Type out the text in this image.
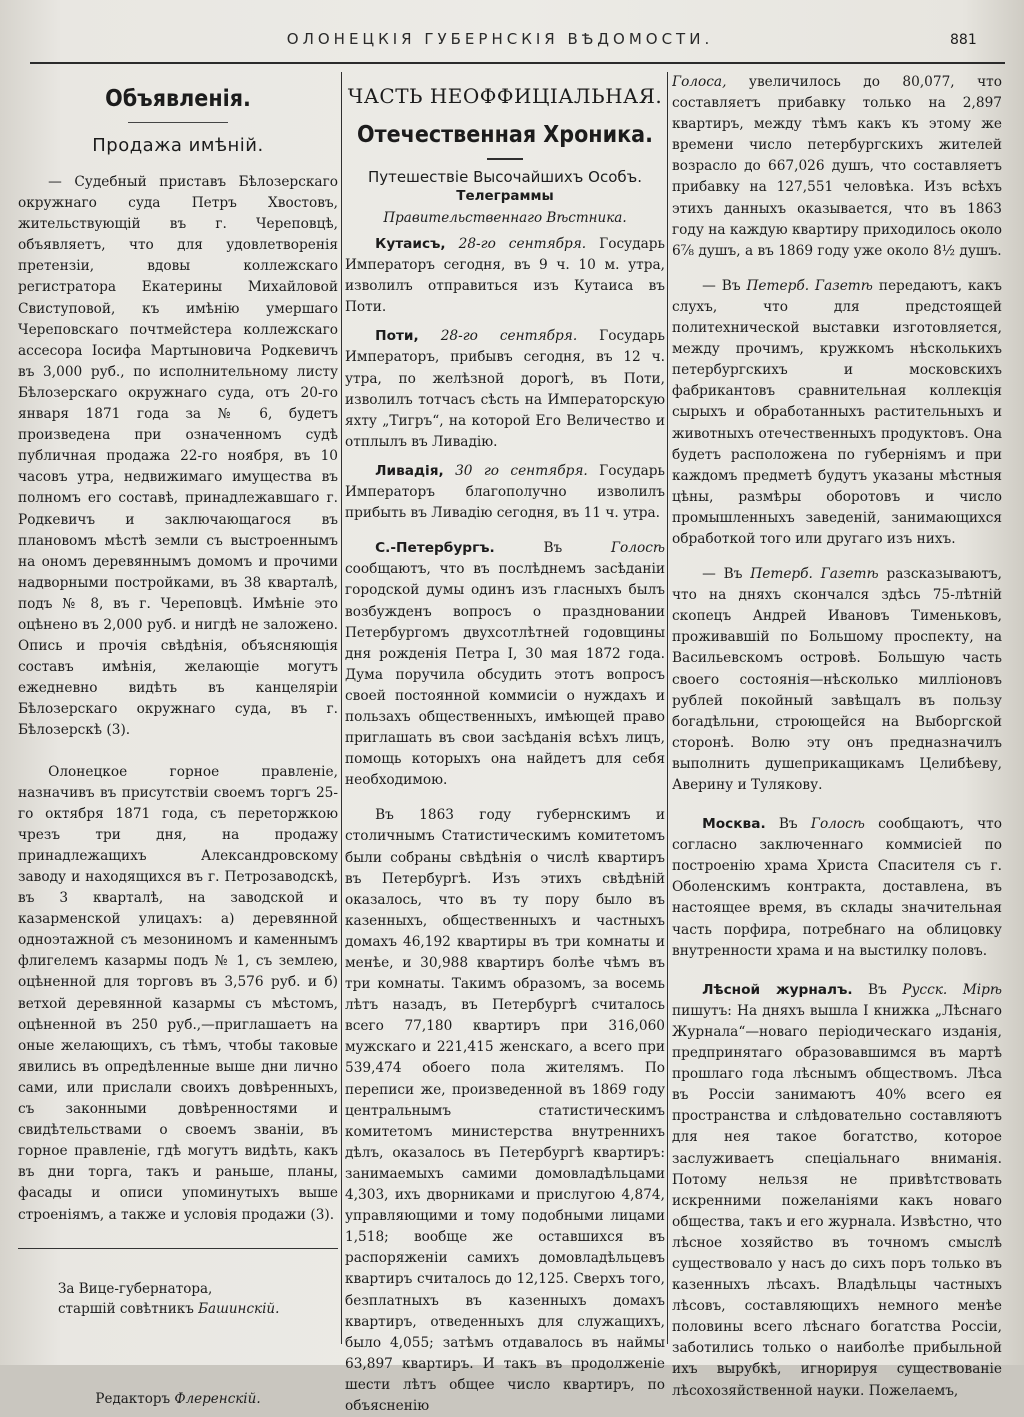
ОЛОНЕЦКІЯ ГУБЕРНСКІЯ ВѢДОМОСТИ.	881
Объявленія.
Продажа имѣній.

— Судебный приставъ Бѣлозерскаго окружнаго суда Петръ Хвостовъ, жительствующій въ г. Череповцѣ, объявляетъ, что для удовлетворенія претензіи, вдовы коллежскаго регистратора Екатерины Михайловой Свиступовой, къ имѣнію умершаго Череповскаго почтмейстера коллежскаго ассесора Іосифа Мартыновича Родкевичъ въ 3,000 руб., по исполнительному листу Бѣлозерскаго окружнаго суда, отъ 20-го января 1871 года за № 6, будетъ произведена при означенномъ судѣ публичная продажа 22-го ноября, въ 10 часовъ утра, недвижимаго имущества въ полномъ его составѣ, принадлежавшаго г. Родкевичъ и заключающагося въ плановомъ мѣстѣ земли съ выстроеннымъ на ономъ деревяннымъ домомъ и прочими надворными постройками, въ 38 кварталѣ, подъ № 8, въ г. Череповцѣ. Имѣніе это оцѣнено въ 2,000 руб. и нигдѣ не заложено. Опись и прочія свѣдѣнія, объясняющія составъ имѣнія, желающіе могутъ ежедневно видѣть въ канцеляріи Бѣлозерскаго окружнаго суда, въ г. Бѣлозерскѣ (3).

Олонецкое горное правленіе, назначивъ въ присутствіи своемъ торгъ 25-го октября 1871 года, съ переторжкою чрезъ три дня, на продажу принадлежащихъ Александровскому заводу и находящихся въ г. Петрозаводскѣ, въ 3 кварталѣ, на заводской и казарменской улицахъ: а) деревянной одноэтажной съ мезониномъ и каменнымъ флигелемъ казармы подъ № 1, съ землею, оцѣненной для торговъ въ 3,576 руб. и б) ветхой деревянной казармы съ мѣстомъ, оцѣненной въ 250 руб.,—приглашаетъ на оные желающихъ, съ тѣмъ, чтобы таковые явились въ опредѣленные выше дни лично сами, или прислали своихъ довѣренныхъ, съ законными довѣренностями и свидѣтельствами о своемъ званіи, въ горное правленіе, гдѣ могутъ видѣть, какъ въ дни торга, такъ и раньше, планы, фасады и описи упоминутыхъ выше строеніямъ, а также и условія продажи (3).

За Вице-губернатора,

старшій совѣтникъ Башинскій.

Редакторъ Флеренскій.

ЧАСТЬ НЕОФФИЦІАЛЬНАЯ.
Отечественная Хроника.
Путешествіе Высочайшихъ Особъ.
Телеграммы
Правительственнаго Вѣстника.

Кутаисъ, 28-го сентября. Государь Императоръ сегодня, въ 9 ч. 10 м. утра, изволилъ отправиться изъ Кутаиса въ Поти.

Поти, 28-го сентября. Государь Императоръ, прибывъ сегодня, въ 12 ч. утра, по желѣзной дорогѣ, въ Поти, изволилъ тотчасъ сѣсть на Императорскую яхту „Тигръ“, на которой Его Величество и отплылъ въ Ливадію.

Ливадія, 30 го сентября. Государь Императоръ благополучно изволилъ прибыть въ Ливадію сегодня, въ 11 ч. утра.

С.-Петербургъ.	Въ	Голосѣ сообщаютъ, что въ послѣднемъ засѣданіи городской думы одинъ изъ гласныхъ былъ возбужденъ вопросъ о праздновании Петербургомъ двухсотлѣтней годовщины дня рожденія Петра I, 30 мая 1872 года. Дума поручила обсудить этотъ вопросъ своей постоянной коммисіи о нуждахъ и пользахъ общественныхъ, имѣющей право приглашать въ свои засѣданія всѣхъ лицъ, помощь которыхъ она найдетъ для себя необходимою.

Въ 1863 году губернскимъ и столичнымъ Статистическимъ комитетомъ были собраны свѣдѣнія о числѣ квартиръ въ Петербургѣ. Изъ этихъ свѣдѣній оказалось, что въ ту пору было въ казенныхъ, общественныхъ и частныхъ домахъ 46,192 квартиры въ три комнаты и менѣе, и 30,988 квартиръ болѣе чѣмъ въ три комнаты. Такимъ образомъ, за восемь лѣтъ назадъ, въ Петербургѣ считалось всего 77,180 квартиръ при 316,060 мужскаго и 221,415 женскаго, а всего при 539,474 обоего пола жителямъ. По переписи же, произведенной въ 1869 году центральнымъ статистическимъ комитетомъ министерства внутреннихъ дѣлъ, оказалось въ Петербургѣ квартиръ: занимаемыхъ самими домовладѣльцами 4,303, ихъ дворниками и прислугою 4,874, управляющими и тому подобными лицами 1,518; вообще же оставшихся въ распоряженіи самихъ домовладѣльцевъ квартиръ считалось до 12,125. Сверхъ того, безплатныхъ въ казенныхъ домахъ квартиръ, отведенныхъ для служащихъ, было 4,055; затѣмъ отдавалось въ наймы 63,897 квартиръ. И такъ въ продолженіе шести лѣтъ общее число квартиръ, по объясненію

Голоса, увеличилось до 80,077, что составляетъ прибавку только на 2,897 квартиръ, между тѣмъ какъ къ этому же времени число петербургскихъ жителей возрасло до 667,026 душъ, что составляетъ прибавку на 127,551 человѣка. Изъ всѣхъ этихъ данныхъ оказывается, что въ 1863 году на каждую квартиру приходилось около 6⅞ душъ, а въ 1869 году уже около 8½ душъ.

— Въ Петерб. Газетѣ передаютъ, какъ слухъ, что для предстоящей политехнической выставки изготовляется, между прочимъ, кружкомъ нѣсколькихъ петербургскихъ и московскихъ фабрикантовъ сравнительная коллекція сырыхъ и обработанныхъ растительныхъ и животныхъ отечественныхъ продуктовъ. Она будетъ расположена по губерніямъ и при каждомъ предметѣ будутъ указаны мѣстныя цѣны, размѣры оборотовъ и число промышленныхъ заведеній, занимающихся обработкой того или другаго изъ нихъ.

— Въ Петерб. Газетѣ разсказываютъ, что на дняхъ скончался здѣсь 75-лѣтній скопецъ Андрей Ивановъ Тименьковъ, проживавшій по Большому проспекту, на Васильевскомъ островѣ. Большую часть своего состоянія—нѣсколько милліоновъ рублей покойный завѣщалъ въ пользу богадѣльни, строющейся на Выборгской сторонѣ. Волю эту онъ предназначилъ выполнить душеприкащикамъ Целибѣеву, Аверину и Тулякову.

Москва. Въ Голосѣ сообщаютъ, что согласно заключеннаго коммисіей по построенію храма Христа Спасителя съ г. Оболенскимъ контракта, доставлена, въ настоящее время, въ склады значительная часть порфира, потребнаго на облицовку внутренности храма и на выстилку половъ.

Лѣсной журналъ. Въ Русск. Мірѣ пишутъ: На дняхъ вышла I книжка „Лѣснаго Журнала“—новаго періодическаго изданія, предпринятаго образовавшимся въ мартѣ прошлаго года лѣснымъ обществомъ. Лѣса въ Россіи занимаютъ 40% всего ея пространства и слѣдовательно составляютъ для нея такое богатство, которое заслуживаетъ спеціальнаго вниманія. Потому нельзя не привѣтствовать искренними пожеланіями какъ новаго общества, такъ и его журнала. Извѣстно, что лѣсное хозяйство въ точномъ смыслѣ существовало у насъ до сихъ поръ только въ казенныхъ лѣсахъ. Владѣльцы частныхъ лѣсовъ, составляющихъ немного менѣе половины всего лѣснаго богатства Россіи, заботились только о наиболѣе прибыльной ихъ вырубкѣ, игнорируя существованіе лѣсохозяйственной науки. Пожелаемъ,
